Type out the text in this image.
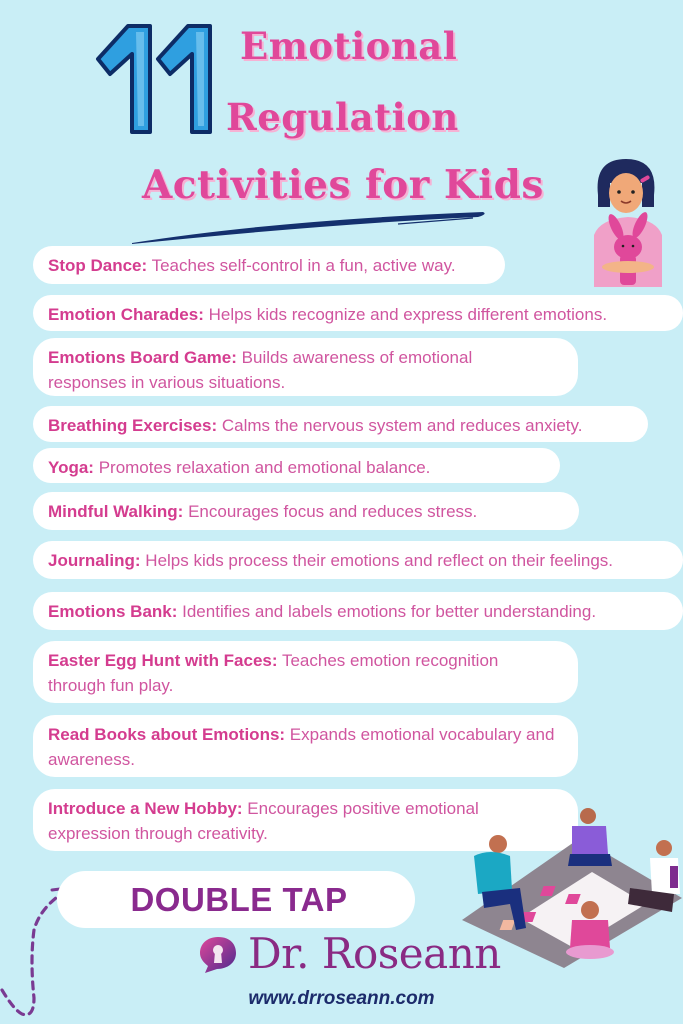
Emotional
Regulation
Activities for Kids
Stop Dance: Teaches self-control in a fun, active way.
Emotion Charades: Helps kids recognize and express different emotions.
Emotions Board Game: Builds awareness of emotional responses in various situations.
Breathing Exercises: Calms the nervous system and reduces anxiety.
Yoga: Promotes relaxation and emotional balance.
Mindful Walking: Encourages focus and reduces stress.
Journaling: Helps kids process their emotions and reflect on their feelings.
Emotions Bank: Identifies and labels emotions for better understanding.
Easter Egg Hunt with Faces: Teaches emotion recognition through fun play.
Read Books about Emotions: Expands emotional vocabulary and awareness.
Introduce a New Hobby: Encourages positive emotional expression through creativity.
DOUBLE TAP
Dr. Roseann
www.drroseann.com
